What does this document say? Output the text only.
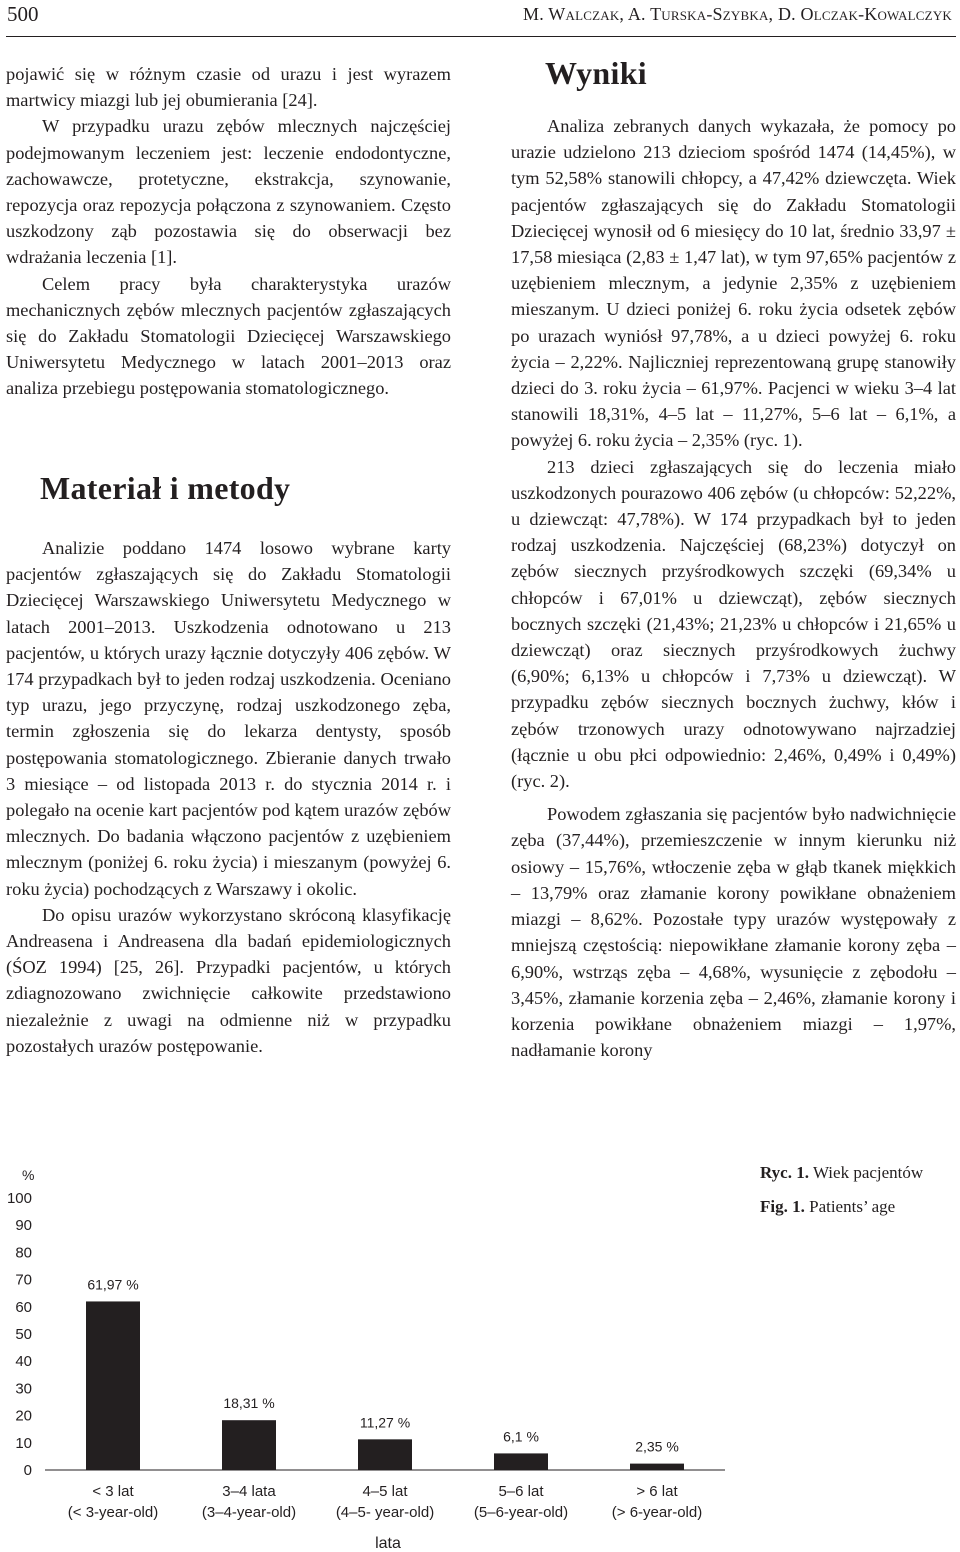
500	M. Walczak, A. Turska-Szybka, D. Olczak-Kowalczyk

pojawić się w różnym czasie od urazu i jest wyrazem martwicy miazgi lub jej obumierania [24].

W przypadku urazu zębów mlecznych najczęściej podejmowanym leczeniem jest: leczenie endodontyczne, zachowawcze, protetyczne, ekstrakcja, szynowanie, repozycja oraz repozycja połączona z szynowaniem. Często uszkodzony ząb pozostawia się do obserwacji bez wdrażania leczenia [1].

Celem pracy była charakterystyka urazów mechanicznych zębów mlecznych pacjentów zgłaszających się do Zakładu Stomatologii Dziecięcej Warszawskiego Uniwersytetu Medycznego w latach 2001–2013 oraz analiza przebiegu postępowania stomatologicznego.

Materiał i metody

Analizie poddano 1474 losowo wybrane karty pacjentów zgłaszających się do Zakładu Stomatologii Dziecięcej Warszawskiego Uniwersytetu Medycznego w latach 2001–2013. Uszkodzenia odnotowano u 213 pacjentów, u których urazy łącznie dotyczyły 406 zębów. W 174 przypadkach był to jeden rodzaj uszkodzenia. Oceniano typ urazu, jego przyczynę, rodzaj uszkodzonego zęba, termin zgłoszenia się do lekarza dentysty, sposób postępowania stomatologicznego. Zbieranie danych trwało 3 miesiące – od listopada 2013 r. do stycznia 2014 r. i polegało na ocenie kart pacjentów pod kątem urazów zębów mlecznych. Do badania włączono pacjentów z uzębieniem mlecznym (poniżej 6. roku życia) i mieszanym (powyżej 6. roku życia) pochodzących z Warszawy i okolic.

Do opisu urazów wykorzystano skróconą klasyfikację Andreasena i Andreasena dla badań epidemiologicznych (ŚOZ 1994) [25, 26]. Przypadki pacjentów, u których zdiagnozowano zwichnięcie całkowite przedstawiono niezależnie z uwagi na odmienne niż w przypadku pozostałych urazów postępowanie.

Wyniki

Analiza zebranych danych wykazała, że pomocy po urazie udzielono 213 dzieciom spośród 1474 (14,45%), w tym 52,58% stanowili chłopcy, a 47,42% dziewczęta. Wiek pacjentów zgłaszających się do Zakładu Stomatologii Dziecięcej wynosił od 6 miesięcy do 10 lat, średnio 33,97 ± 17,58 miesiąca (2,83 ± 1,47 lat), w tym 97,65% pacjentów z uzębieniem mlecznym, a jedynie 2,35% z uzębieniem mieszanym. U dzieci poniżej 6. roku życia odsetek zębów po urazach wyniósł 97,78%, a u dzieci powyżej 6. roku życia – 2,22%. Najliczniej reprezentowaną grupę stanowiły dzieci do 3. roku życia – 61,97%. Pacjenci w wieku 3–4 lat stanowili 18,31%, 4–5 lat – 11,27%, 5–6 lat – 6,1%, a powyżej 6. roku życia – 2,35% (ryc. 1).

213 dzieci zgłaszających się do leczenia miało uszkodzonych pourazowo 406 zębów (u chłopców: 52,22%, u dziewcząt: 47,78%). W 174 przypadkach był to jeden rodzaj uszkodzenia. Najczęściej (68,23%) dotyczył on zębów siecznych przyśrodkowych szczęki (69,34% u chłopców i 67,01% u dziewcząt), zębów siecznych bocznych szczęki (21,43%; 21,23% u chłopców i 21,65% u dziewcząt) oraz siecznych przyśrodkowych żuchwy (6,90%; 6,13% u chłopców i 7,73% u dziewcząt). W przypadku zębów siecznych bocznych żuchwy, kłów i zębów trzonowych urazy odnotowywano najrzadziej (łącznie u obu płci odpowiednio: 2,46%, 0,49% i 0,49%) (ryc. 2).

Powodem zgłaszania się pacjentów było nadwichnięcie zęba (37,44%), przemieszczenie w innym kierunku niż osiowy – 15,76%, wtłoczenie zęba w głąb tkanek miękkich – 13,79% oraz złamanie korony powikłane obnażeniem miazgi – 8,62%. Pozostałe typy urazów występowały z mniejszą częstością: niepowikłane złamanie korony zęba – 6,90%, wstrząs zęba – 4,68%, wysunięcie z zębodołu – 3,45%, złamanie korzenia zęba – 2,46%, złamanie korony i korzenia powikłane obnażeniem miazgi – 1,97%, nadłamanie korony

%
0
10
20
30
40
50
60
70
80
90
100
61,97 %
< 3 lat
(< 3-year-old)
18,31 %
3–4 lata
(3–4-year-old)
11,27 %
4–5 lat
(4–5- year-old)
6,1 %
5–6 lat
(5–6-year-old)
2,35 %
> 6 lat
(> 6-year-old)
lata
Ryc. 1. Wiek pacjentów
Fig. 1. Patients’ age
